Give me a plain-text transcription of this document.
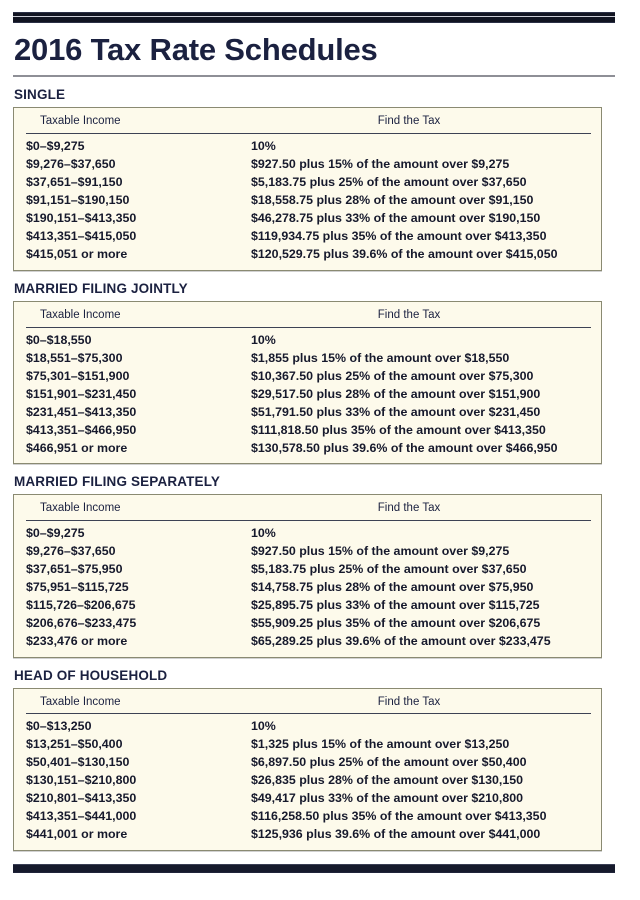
2016 Tax Rate Schedules
SINGLE
Taxable Income	Find the Tax
$0–$9,275	10%
$9,276–$37,650	$927.50 plus 15% of the amount over $9,275
$37,651–$91,150	$5,183.75 plus 25% of the amount over $37,650
$91,151–$190,150	$18,558.75 plus 28% of the amount over $91,150
$190,151–$413,350	$46,278.75 plus 33% of the amount over $190,150
$413,351–$415,050	$119,934.75 plus 35% of the amount over $413,350
$415,051 or more	$120,529.75 plus 39.6% of the amount over $415,050
MARRIED FILING JOINTLY
Taxable Income	Find the Tax
$0–$18,550	10%
$18,551–$75,300	$1,855 plus 15% of the amount over $18,550
$75,301–$151,900	$10,367.50 plus 25% of the amount over $75,300
$151,901–$231,450	$29,517.50 plus 28% of the amount over $151,900
$231,451–$413,350	$51,791.50 plus 33% of the amount over $231,450
$413,351–$466,950	$111,818.50 plus 35% of the amount over $413,350
$466,951 or more	$130,578.50 plus 39.6% of the amount over $466,950
MARRIED FILING SEPARATELY
Taxable Income	Find the Tax
$0–$9,275	10%
$9,276–$37,650	$927.50 plus 15% of the amount over $9,275
$37,651–$75,950	$5,183.75 plus 25% of the amount over $37,650
$75,951–$115,725	$14,758.75 plus 28% of the amount over $75,950
$115,726–$206,675	$25,895.75 plus 33% of the amount over $115,725
$206,676–$233,475	$55,909.25 plus 35% of the amount over $206,675
$233,476 or more	$65,289.25 plus 39.6% of the amount over $233,475
HEAD OF HOUSEHOLD
Taxable Income	Find the Tax
$0–$13,250	10%
$13,251–$50,400	$1,325 plus 15% of the amount over $13,250
$50,401–$130,150	$6,897.50 plus 25% of the amount over $50,400
$130,151–$210,800	$26,835 plus 28% of the amount over $130,150
$210,801–$413,350	$49,417 plus 33% of the amount over $210,800
$413,351–$441,000	$116,258.50 plus 35% of the amount over $413,350
$441,001 or more	$125,936 plus 39.6% of the amount over $441,000
